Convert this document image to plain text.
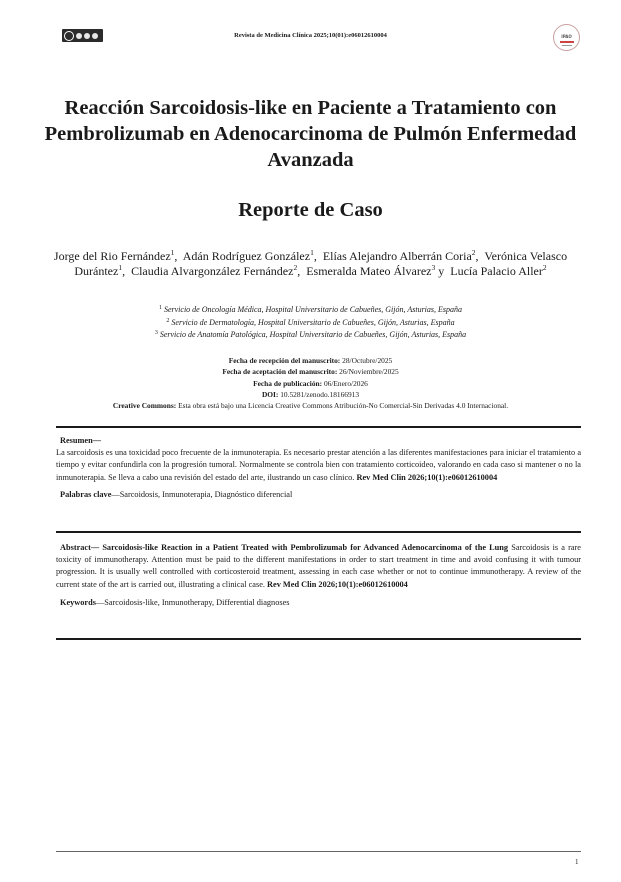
Revista de Medicina Clínica 2025;10(01):e06012610004	IPAO
Reacción Sarcoidosis-like en Paciente a Tratamiento con Pembrolizumab en Adenocarcinoma de Pulmón Enfermedad Avanzada
Reporte de Caso
Jorge del Rio Fernández$^1$,  Adán Rodríguez González$^1$,  Elías Alejandro Alberrán Coria$^2$,  Verónica Velasco Durántez$^1$,  Claudia Alvargonzález Fernández$^2$,  Esmeralda Mateo Álvarez$^3$ y  Lucía Palacio Aller$^2$
$^1$ Servicio de Oncología Médica, Hospital Universitario de Cabueñes, Gijón, Asturias, España
$^2$ Servicio de Dermatología, Hospital Universitario de Cabueñes, Gijón, Asturias, España
$^3$ Servicio de Anatomía Patológica, Hospital Universitario de Cabueñes, Gijón, Asturias, España
Fecha de recepción del manuscrito: 28/Octubre/2025
Fecha de aceptación del manuscrito: 26/Noviembre/2025
Fecha de publicación: 06/Enero/2026
DOI: 10.5281/zenodo.18166913
Creative Commons: Esta obra está bajo una Licencia Creative Commons Atribución-No Comercial-Sin Derivadas 4.0 Internacional.
Resumen—
La sarcoidosis es una toxicidad poco frecuente de la inmunoterapia. Es necesario prestar atención a las diferentes manifestaciones para iniciar el tratamiento a tiempo y evitar confundirla con la progresión tumoral. Normalmente se controla bien con tratamiento corticoideo, valorando en cada caso si mantener o no la inmunoterapia. Se lleva a cabo una revisión del estado del arte, ilustrando un caso clínico. Rev Med Clin 2026;10(1):e06012610004
Palabras clave—Sarcoidosis, Inmunoterapia, Diagnóstico diferencial
Abstract— Sarcoidosis-like Reaction in a Patient Treated with Pembrolizumab for Advanced Adenocarcinoma of the Lung Sarcoidosis is a rare toxicity of immunotherapy. Attention must be paid to the different manifestations in order to start treatment in time and avoid confusing it with tumour progression. It is usually well controlled with corticosteroid treatment, assessing in each case whether or not to continue immunotherapy. A review of the current state of the art is carried out, illustrating a clinical case. Rev Med Clin 2026;10(1):e06012610004
Keywords—Sarcoidosis-like, Inmunotherapy, Differential diagnoses
1
